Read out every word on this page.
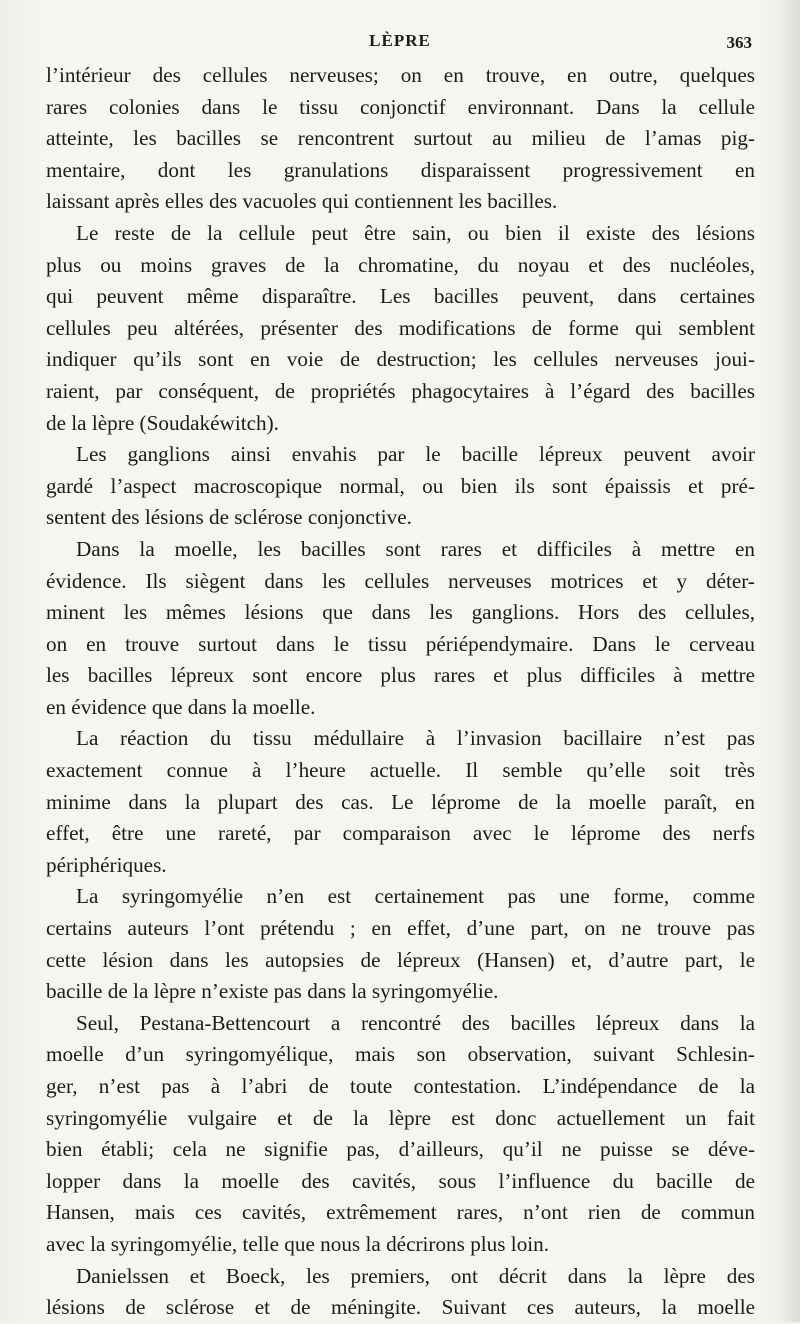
LÈPRE	363
l’intérieur des cellules nerveuses; on en trouve, en outre, quelques
rares colonies dans le tissu conjonctif environnant. Dans la cellule
atteinte, les bacilles se rencontrent surtout au milieu de l’amas pig-
mentaire, dont les granulations disparaissent progressivement en
laissant après elles des vacuoles qui contiennent les bacilles.
Le reste de la cellule peut être sain, ou bien il existe des lésions
plus ou moins graves de la chromatine, du noyau et des nucléoles,
qui peuvent même disparaître. Les bacilles peuvent, dans certaines
cellules peu altérées, présenter des modifications de forme qui semblent
indiquer qu’ils sont en voie de destruction; les cellules nerveuses joui-
raient, par conséquent, de propriétés phagocytaires à l’égard des bacilles
de la lèpre (Soudakéwitch).
Les ganglions ainsi envahis par le bacille lépreux peuvent avoir
gardé l’aspect macroscopique normal, ou bien ils sont épaissis et pré-
sentent des lésions de sclérose conjonctive.
Dans la moelle, les bacilles sont rares et difficiles à mettre en
évidence. Ils siègent dans les cellules nerveuses motrices et y déter-
minent les mêmes lésions que dans les ganglions. Hors des cellules,
on en trouve surtout dans le tissu périépendymaire. Dans le cerveau
les bacilles lépreux sont encore plus rares et plus difficiles à mettre
en évidence que dans la moelle.
La réaction du tissu médullaire à l’invasion bacillaire n’est pas
exactement connue à l’heure actuelle. Il semble qu’elle soit très
minime dans la plupart des cas. Le léprome de la moelle paraît, en
effet, être une rareté, par comparaison avec le léprome des nerfs
périphériques.
La syringomyélie n’en est certainement pas une forme, comme
certains auteurs l’ont prétendu ; en effet, d’une part, on ne trouve pas
cette lésion dans les autopsies de lépreux (Hansen) et, d’autre part, le
bacille de la lèpre n’existe pas dans la syringomyélie.
Seul, Pestana-Bettencourt a rencontré des bacilles lépreux dans la
moelle d’un syringomyélique, mais son observation, suivant Schlesin-
ger, n’est pas à l’abri de toute contestation. L’indépendance de la
syringomyélie vulgaire et de la lèpre est donc actuellement un fait
bien établi; cela ne signifie pas, d’ailleurs, qu’il ne puisse se déve-
lopper dans la moelle des cavités, sous l’influence du bacille de
Hansen, mais ces cavités, extrêmement rares, n’ont rien de commun
avec la syringomyélie, telle que nous la décrirons plus loin.
Danielssen et Boeck, les premiers, ont décrit dans la lèpre des
lésions de sclérose et de méningite. Suivant ces auteurs, la moelle
